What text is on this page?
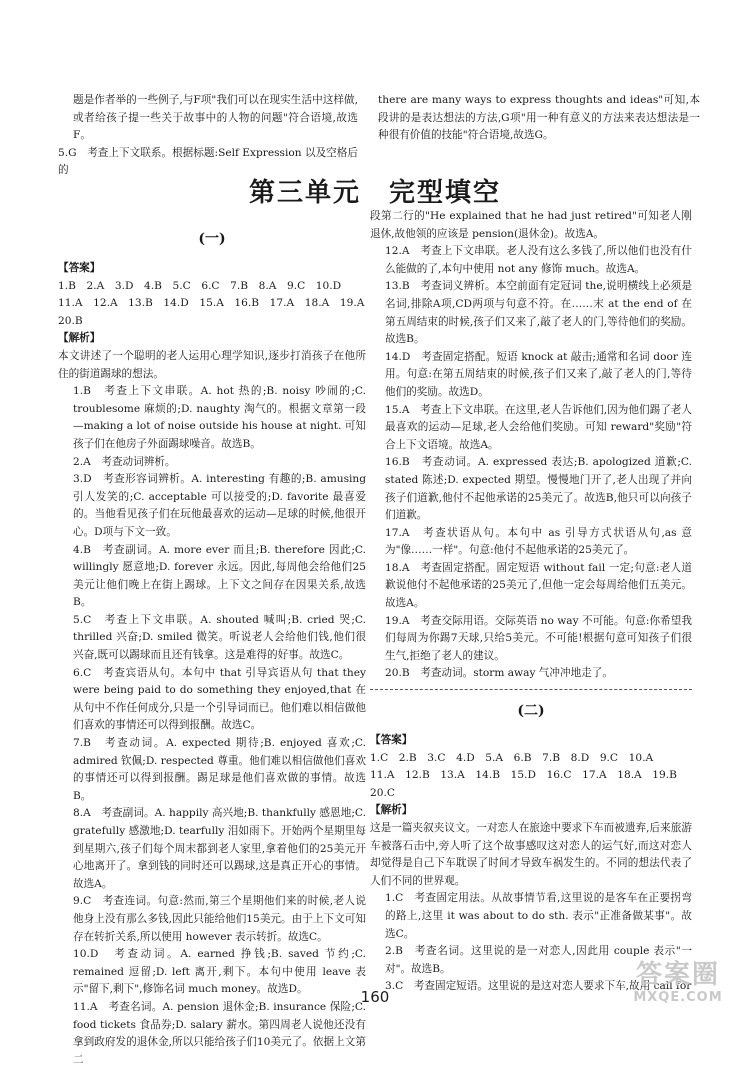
题是作者举的一些例子,与F项"我们可以在现实生活中这样做,或者给孩子提一些关于故事中的人物的问题"符合语境,故选F。

5.G　考查上下文联系。根据标题:Self Expression 以及空格后的

there are many ways to express thoughts and ideas"可知,本段讲的是表达想法的方法,G项"用一种有意义的方法来表达想法是一种很有价值的技能"符合语境,故选G。

第三单元　完型填空
(一)
【答案】

1.B　2.A　3.D　4.B　5.C　6.C　7.B　8.A　9.C　10.D

11.A　12.A　13.B　14.D　15.A　16.B　17.A　18.A　19.A

20.B

【解析】

本文讲述了一个聪明的老人运用心理学知识,逐步打消孩子在他所住的街道踢球的想法。

1.B　考查上下文串联。A. hot 热的;B. noisy 吵闹的;C. troublesome 麻烦的;D. naughty 淘气的。根据文章第一段—making a lot of noise outside his house at night. 可知孩子们在他房子外面踢球噪音。故选B。

2.A　考查动词辨析。

3.D　考查形容词辨析。A. interesting 有趣的;B. amusing 引人发笑的;C. acceptable 可以接受的;D. favorite 最喜爱的。当他看见孩子们在玩他最喜欢的运动—足球的时候,他很开心。D项与下文一致。

4.B　考查副词。A. more ever 而且;B. therefore 因此;C. willingly 愿意地;D. forever 永远。因此,每周他会给他们25美元让他们晚上在街上踢球。上下文之间存在因果关系,故选B。

5.C　考查上下文串联。A. shouted 喊叫;B. cried 哭;C. thrilled 兴奋;D. smiled 微笑。听说老人会给他们钱,他们很兴奋,既可以踢球而且还有钱拿。这是难得的好事。故选C。

6.C　考查宾语从句。本句中 that 引导宾语从句 that they were being paid to do something they enjoyed,that 在从句中不作任何成分,只是一个引导词而已。他们难以相信做他们喜欢的事情还可以得到报酬。故选C。

7.B　考查动词。A. expected 期待;B. enjoyed 喜欢;C. admired 钦佩;D. respected 尊重。他们难以相信做他们喜欢的事情还可以得到报酬。踢足球是他们喜欢做的事情。故选B。

8.A　考查副词。A. happily 高兴地;B. thankfully 感恩地;C. gratefully 感激地;D. tearfully 泪如雨下。开始两个星期里每到星期六,孩子们每个周末都到老人家里,拿着他们的25美元开心地离开了。拿到钱的同时还可以踢球,这是真正开心的事情。故选A。

9.C　考查连词。句意:然而,第三个星期他们来的时候,老人说他身上没有那么多钱,因此只能给他们15美元。由于上下文可知存在转折关系,所以使用 however 表示转折。故选C。

10.D　考查动词。A. earned 挣钱;B. saved 节约;C. remained 逗留;D. left 离开,剩下。本句中使用 leave 表示"留下,剩下",修饰名词 much money。故选D。

11.A　考查名词。A. pension 退休金;B. insurance 保险;C. food tickets 食品券;D. salary 薪水。第四周老人说他还没有拿到政府发的退休金,所以只能给孩子们10美元了。依据上文第二

段第二行的"He explained that he had just retired"可知老人刚退休,故他领的应该是 pension(退休金)。故选A。

12.A　考查上下文串联。老人没有这么多钱了,所以他们也没有什么能做的了,本句中使用 not any 修饰 much。故选A。

13.B　考查词义辨析。本空前面有定冠词 the,说明横线上必须是名词,排除A项,CD两项与句意不符。在……末 at the end of 在第五周结束的时候,孩子们又来了,敲了老人的门,等待他们的奖励。故选B。

14.D　考查固定搭配。短语 knock at 敲击;通常和名词 door 连用。句意:在第五周结束的时候,孩子们又来了,敲了老人的门,等待他们的奖励。故选D。

15.A　考查上下文串联。在这里,老人告诉他们,因为他们踢了老人最喜欢的运动—足球,老人会给他们奖励。可知 reward"奖励"符合上下文语境。故选A。

16.B　考查动词。A. expressed 表达;B. apologized 道歉;C. stated 陈述;D. expected 期望。慢慢地门开了,老人出现了并向孩子们道歉,他付不起他承诺的25美元了。故选B,他只可以向孩子们道歉。

17.A　考查状语从句。本句中 as 引导方式状语从句,as 意为"像……一样"。句意:他付不起他承诺的25美元了。

18.A　考查固定搭配。固定短语 without fail 一定;句意:老人道歉说他付不起他承诺的25美元了,但他一定会每周给他们五美元。故选A。

19.A　考查交际用语。交际英语 no way 不可能。句意:你希望我们每周为你踢7天球,只给5美元。不可能!根据句意可知孩子们很生气,拒绝了老人的建议。

20.B　考查动词。storm away 气冲冲地走了。

(二)
【答案】

1.C　2.B　3.C　4.D　5.A　6.B　7.B　8.D　9.C　10.A

11.A　12.B　13.A　14.B　15.D　16.C　17.A　18.A　19.B

20.C

【解析】

这是一篇夹叙夹议文。一对恋人在旅途中要求下车而被遗弃,后来旅游车被落石击中,旁人听了这个故事感叹这对恋人的运气好,而这对恋人却觉得是自己下车耽误了时间才导致车祸发生的。不同的想法代表了人们不同的世界观。

1.C　考查固定用法。从故事情节看,这里说的是客车在正要拐弯的路上,这里 it was about to do sth. 表示"正准备做某事"。故选C。

2.B　考查名词。这里说的是一对恋人,因此用 couple 表示"一对"。故选B。

3.C　考查固定短语。这里说的是这对恋人要求下车,故用 call for

160
答案圈
MXQE.COM
